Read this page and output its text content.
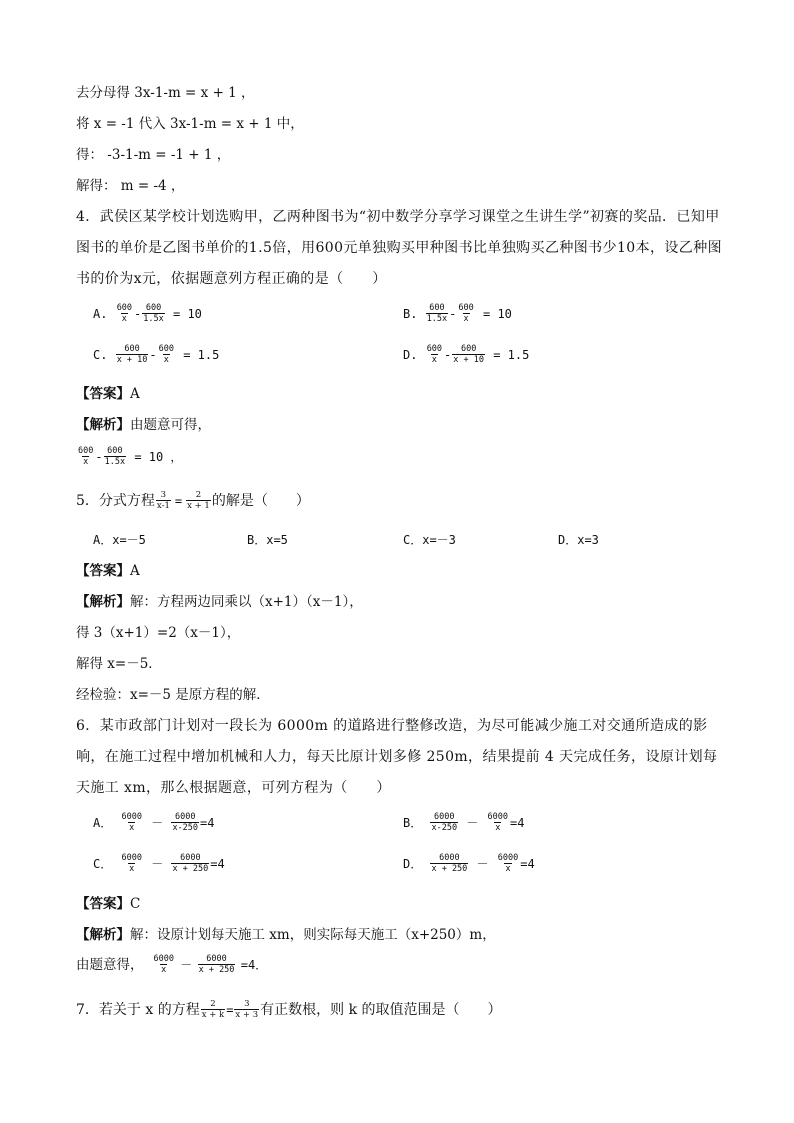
去分母得 3x-1-m = x + 1 ，
将 x = -1 代入 3x-1-m = x + 1 中，
得： -3-1-m = -1 + 1 ，
解得： m = -4 ，
4．武侯区某学校计划选购甲，乙两种图书为“初中数学分享学习课堂之生讲生学”初赛的奖品．已知甲图书的单价是乙图书单价的1.5倍，用600元单独购买甲种图书比单独购买乙种图书少10本，设乙种图书的价为x元，依据题意列方程正确的是（　　）
A.
$\frac{600}{x} - \frac{600}{1.5x}$
= 10	B.
$\frac{600}{1.5x} - \frac{600}{x}$
= 10
C.
$\frac{600}{x + 10} - \frac{600}{x}$
= 1.5	D.
$\frac{600}{x} - \frac{600}{x + 10}$
= 1.5
【答案】A
【解析】由题意可得，
$\frac{600}{x} - \frac{600}{1.5x}$
= 10 ，
5．分式方程 $\frac{3}{x-1} = \frac{2}{x + 1}$ 的解是（　　）
A．x=－5	B．x=5	C．x=－3	D．x=3
【答案】A
【解析】解：方程两边同乘以（x+1）（x－1），
得 3（x+1）=2（x－1），
解得 x=－5．
经检验：x=－5 是原方程的解．
6．某市政部门计划对一段长为 6000m 的道路进行整修改造，为尽可能减少施工对交通所造成的影响，在施工过程中增加机械和人力，每天比原计划多修 250m，结果提前 4 天完成任务，设原计划每天施工 xm，那么根据题意，可列方程为（　　）
A．
$\frac{6000}{x}$
－
$\frac{6000}{x-250} =4$	B．
$\frac{6000}{x-250}$
－
$\frac{6000}{x} =4$
C．
$\frac{6000}{x}$
－
$\frac{6000}{x + 250} =4$	D．
$\frac{6000}{x + 250}$
－
$\frac{6000}{x} =4$
【答案】C
【解析】解：设原计划每天施工 xm，则实际每天施工（x+250）m，
由题意得， $\frac{6000}{x}$
－
$\frac{6000}{x + 250}$
=4．
7．若关于 x 的方程 $\frac{2}{x + k} = \frac{3}{x + 3}$ 有正数根，则 k 的取值范围是（　　）
